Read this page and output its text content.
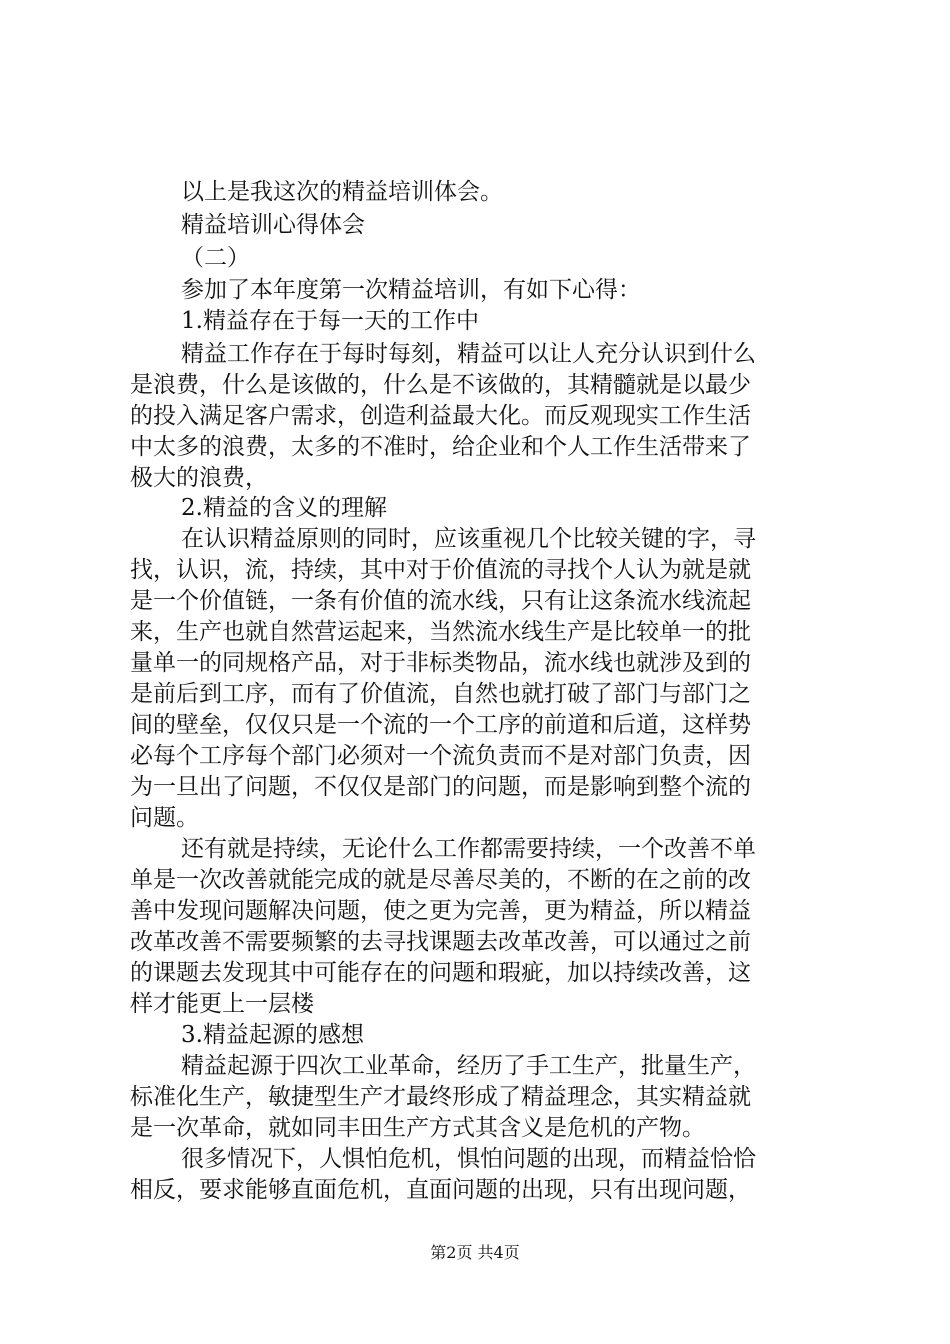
以上是我这次的精益培训体会。

精益培训心得体会

（二）

参加了本年度第一次精益培训，有如下心得：

1.精益存在于每一天的工作中

精益工作存在于每时每刻，精益可以让人充分认识到什么

是浪费，什么是该做的，什么是不该做的，其精髓就是以最少

的投入满足客户需求，创造利益最大化。而反观现实工作生活

中太多的浪费，太多的不准时，给企业和个人工作生活带来了

极大的浪费，

2.精益的含义的理解

在认识精益原则的同时，应该重视几个比较关键的字，寻

找，认识，流，持续，其中对于价值流的寻找个人认为就是就

是一个价值链，一条有价值的流水线，只有让这条流水线流起

来，生产也就自然营运起来，当然流水线生产是比较单一的批

量单一的同规格产品，对于非标类物品，流水线也就涉及到的

是前后到工序，而有了价值流，自然也就打破了部门与部门之

间的壁垒，仅仅只是一个流的一个工序的前道和后道，这样势

必每个工序每个部门必须对一个流负责而不是对部门负责，因

为一旦出了问题，不仅仅是部门的问题，而是影响到整个流的

问题。

还有就是持续，无论什么工作都需要持续，一个改善不单

单是一次改善就能完成的就是尽善尽美的，不断的在之前的改

善中发现问题解决问题，使之更为完善，更为精益，所以精益

改革改善不需要频繁的去寻找课题去改革改善，可以通过之前

的课题去发现其中可能存在的问题和瑕疵，加以持续改善，这

样才能更上一层楼

3.精益起源的感想

精益起源于四次工业革命，经历了手工生产，批量生产，

标准化生产，敏捷型生产才最终形成了精益理念，其实精益就

是一次革命，就如同丰田生产方式其含义是危机的产物。

很多情况下，人惧怕危机，惧怕问题的出现，而精益恰恰

相反，要求能够直面危机，直面问题的出现，只有出现问题，

第2页 共4页
